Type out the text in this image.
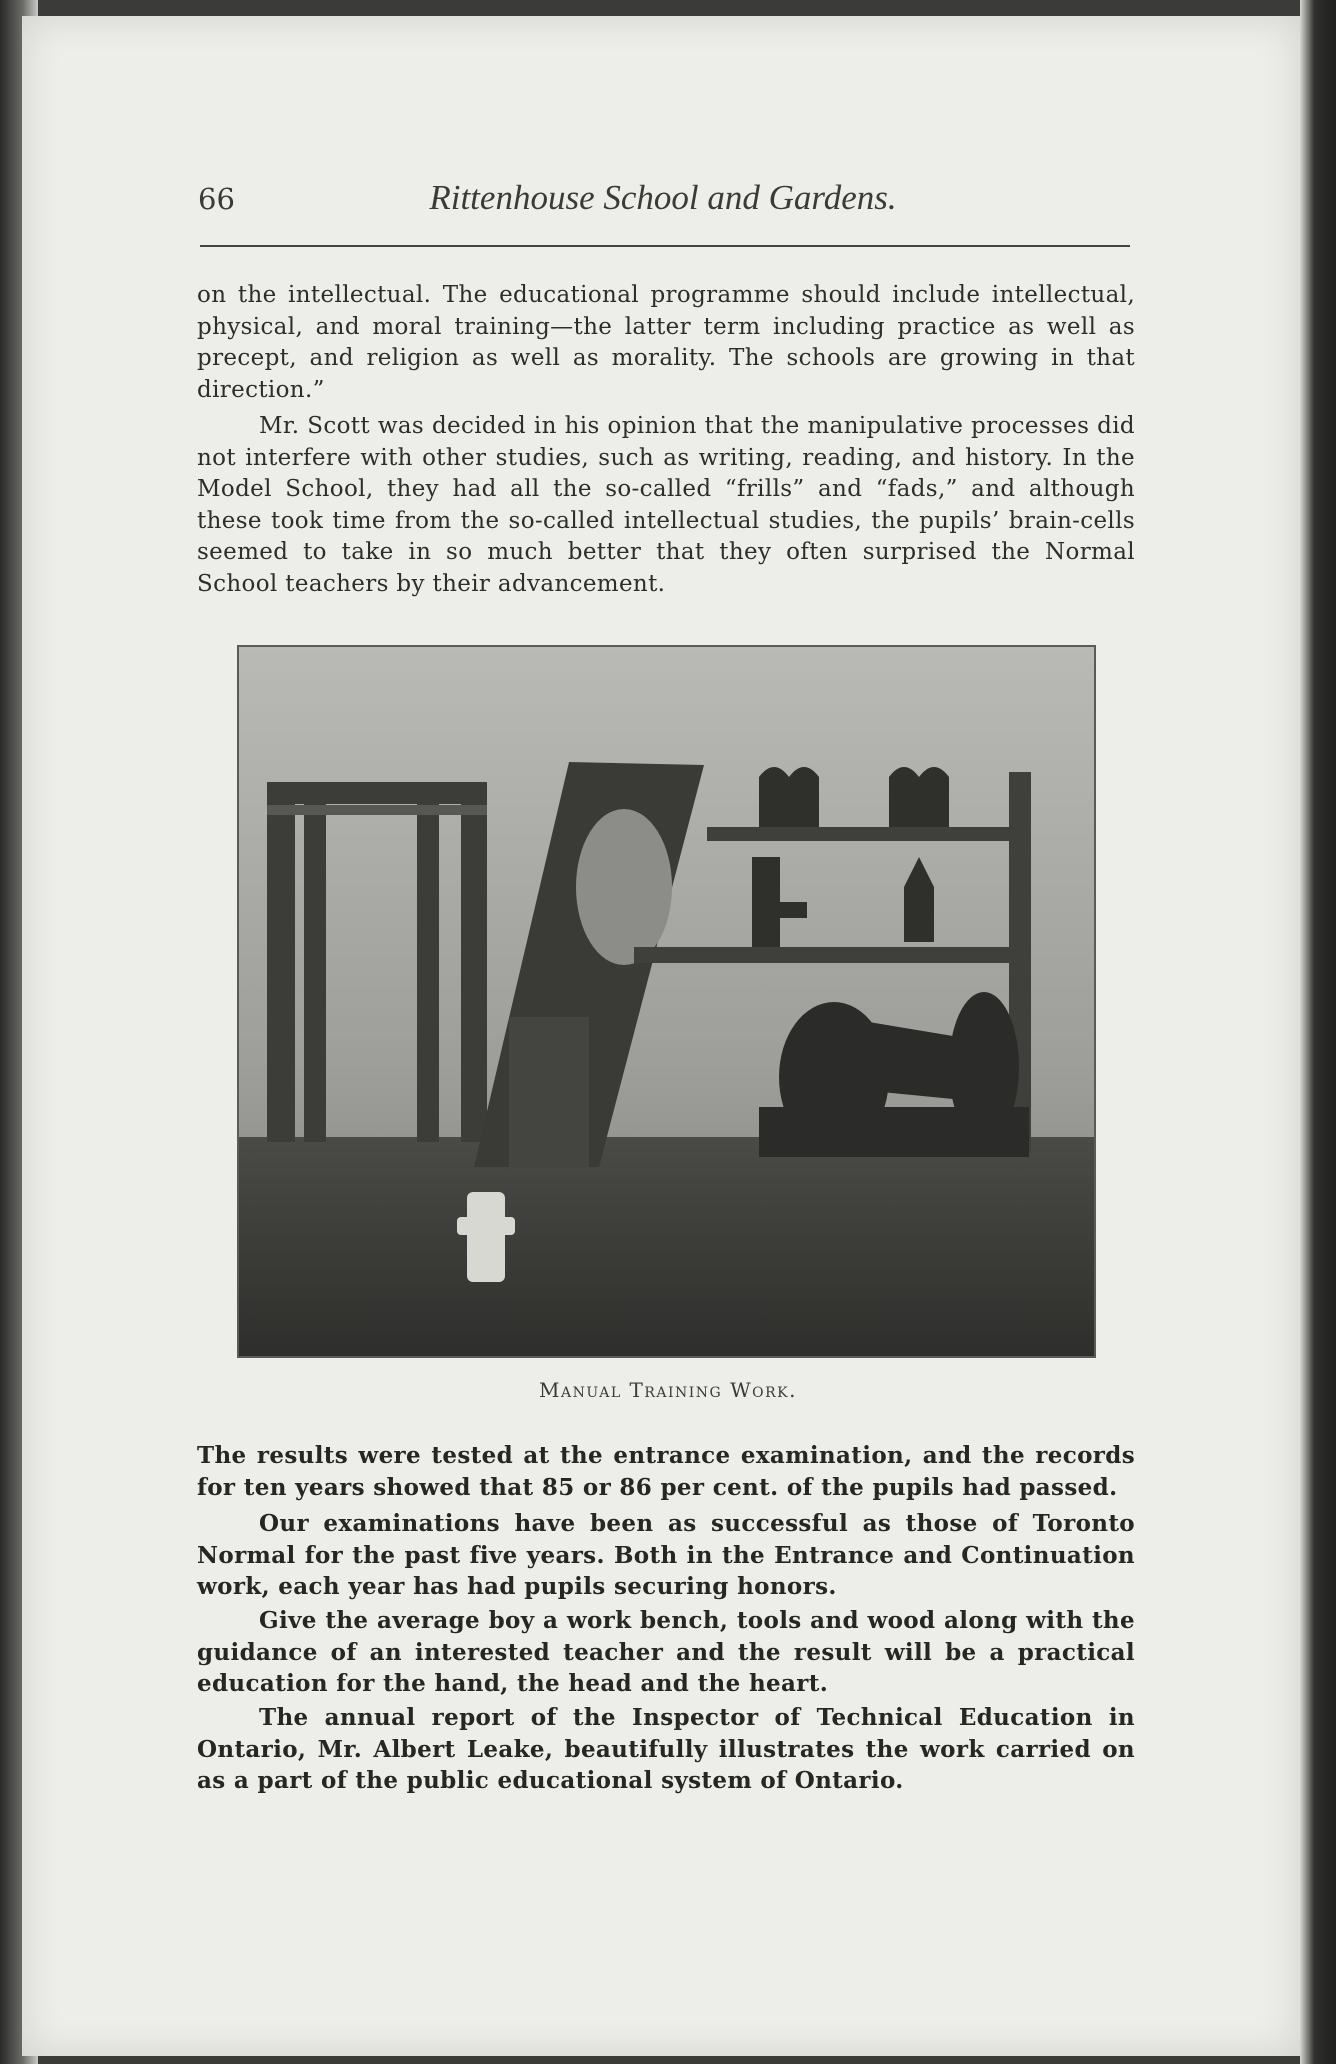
66	Rittenhouse School and Gardens.

on the intellectual. The educational programme should include intellectual, physical, and moral training—the latter term including practice as well as precept, and religion as well as morality. The schools are growing in that direction.”

Mr. Scott was decided in his opinion that the manipulative processes did not interfere with other studies, such as writing, reading, and history. In the Model School, they had all the so-called “frills” and “fads,” and although these took time from the so-called intellectual studies, the pupils’ brain-cells seemed to take in so much better that they often surprised the Normal School teachers by their advancement.

Manual Training Work.

The results were tested at the entrance examination, and the records for ten years showed that 85 or 86 per cent. of the pupils had passed.

Our examinations have been as successful as those of Toronto Normal for the past five years. Both in the Entrance and Continuation work, each year has had pupils securing honors.

Give the average boy a work bench, tools and wood along with the guidance of an interested teacher and the result will be a practical education for the hand, the head and the heart.

The annual report of the Inspector of Technical Education in Ontario, Mr. Albert Leake, beautifully illustrates the work carried on as a part of the public educational system of Ontario.
